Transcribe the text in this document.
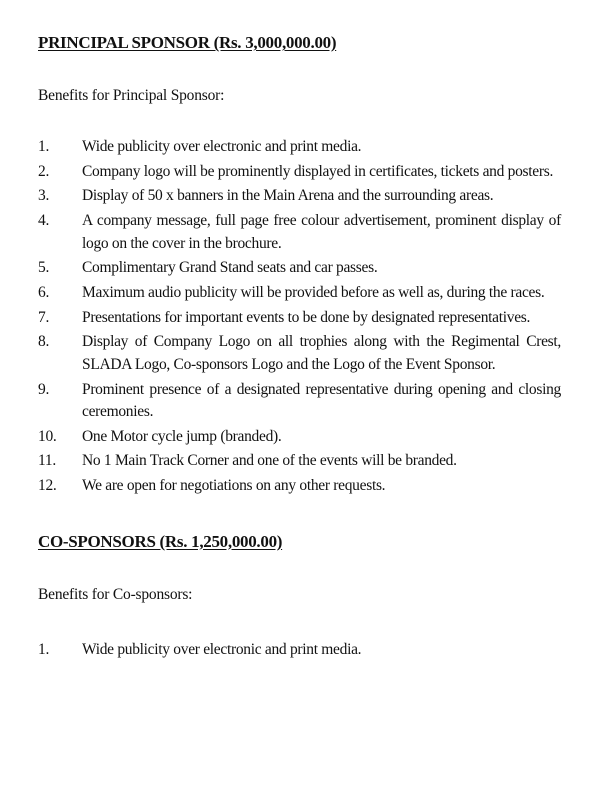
PRINCIPAL SPONSOR (Rs. 3,000,000.00)

Benefits for Principal Sponsor:

1.	Wide publicity over electronic and print media.
2.	Company logo will be prominently displayed in certificates, tickets and posters.
3.	Display of 50 x banners in the Main Arena and the surrounding areas.
4.	A company message, full page free colour advertisement, prominent display of logo on the cover in the brochure.
5.	Complimentary Grand Stand seats and car passes.
6.	Maximum audio publicity will be provided before as well as, during the races.
7.	Presentations for important events to be done by designated representatives.
8.	Display of Company Logo on all trophies along with the Regimental Crest, SLADA Logo, Co-sponsors Logo and the Logo of the Event Sponsor.
9.	Prominent presence of a designated representative during opening and closing ceremonies.
10.	One Motor cycle jump (branded).
11.	No 1 Main Track Corner and one of the events will be branded.
12.	We are open for negotiations on any other requests.
CO-SPONSORS (Rs. 1,250,000.00)

Benefits for Co-sponsors:

1.	Wide publicity over electronic and print media.
